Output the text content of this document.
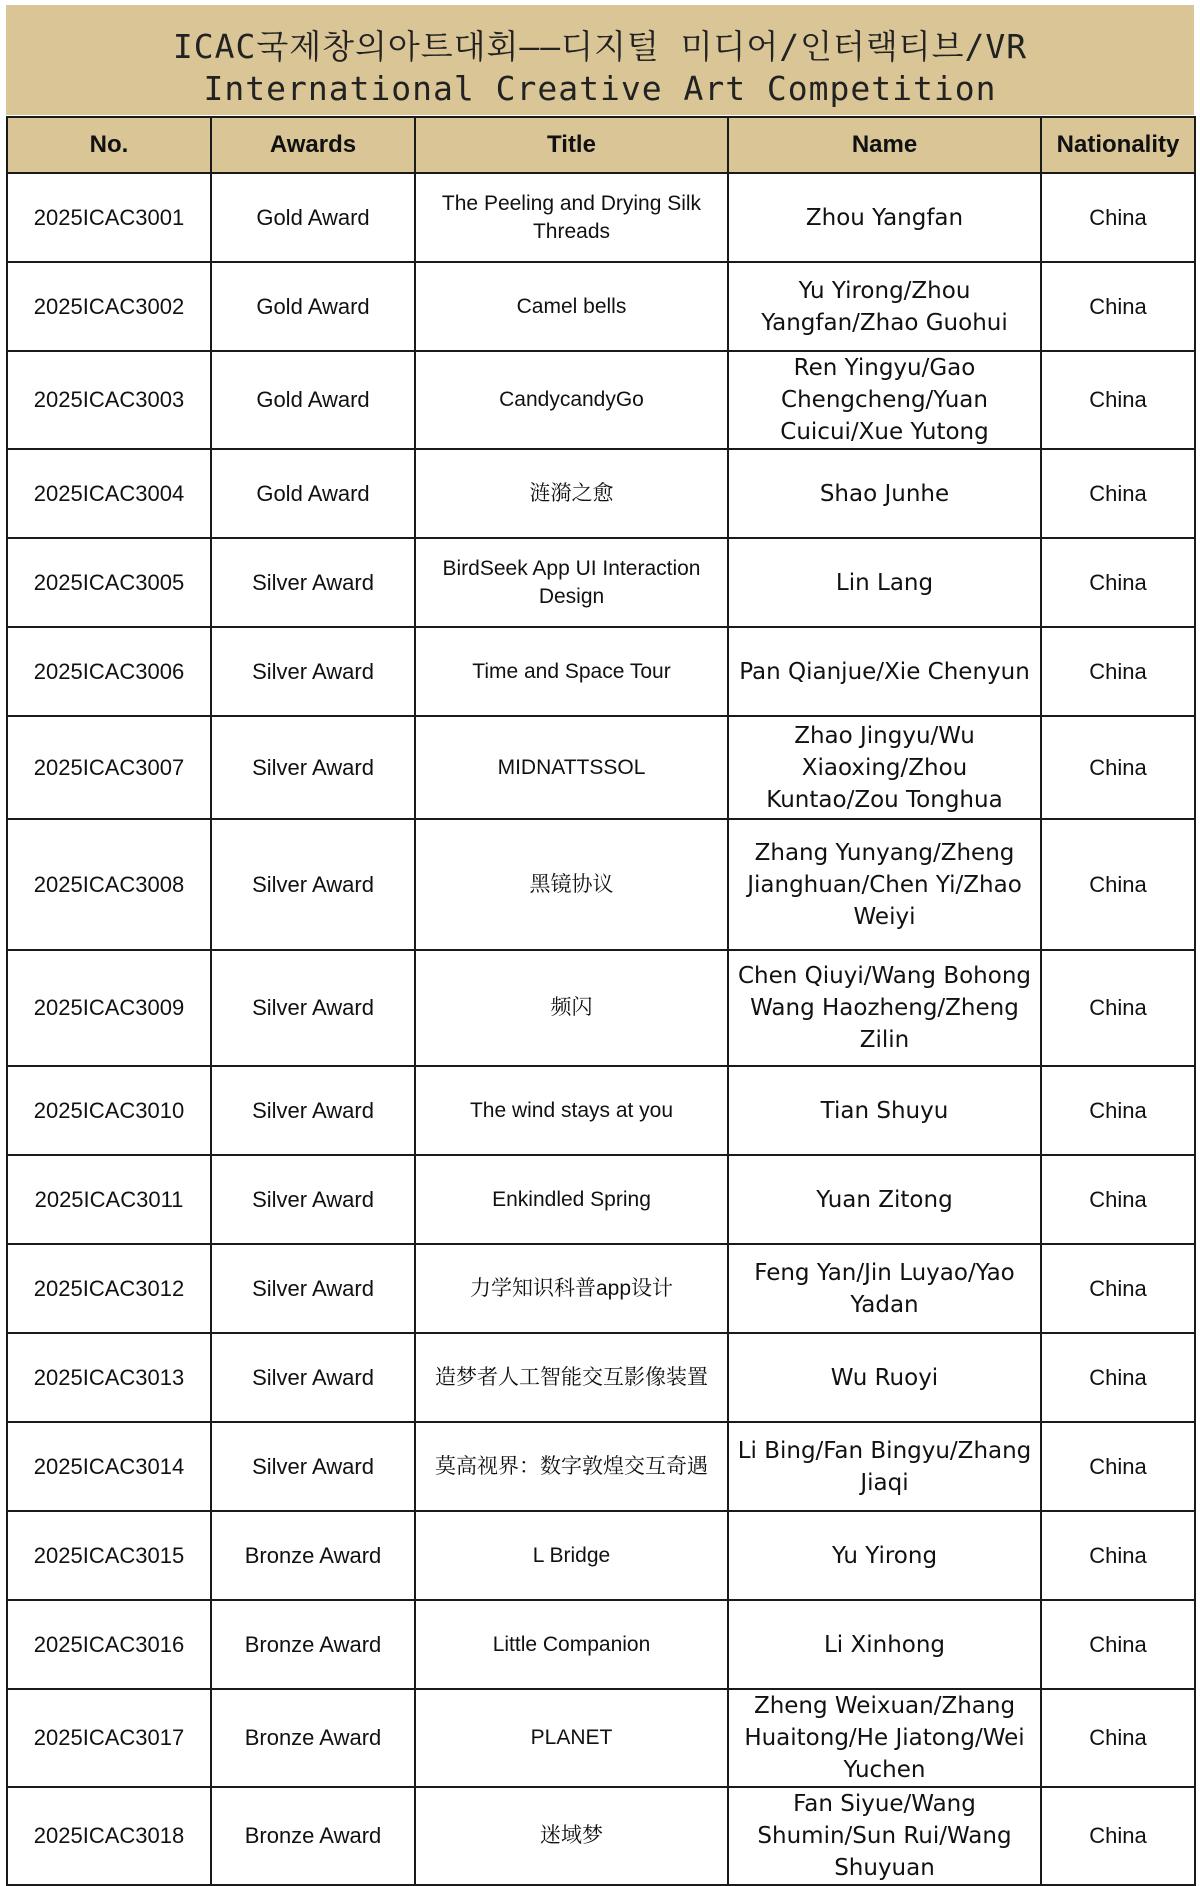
ICAC국제창의아트대회——디지털 미디어/인터랙티브/VR
International Creative Art Competition
No.	Awards	Title	Name	Nationality
2025ICAC3001	Gold Award	The Peeling and Drying Silk Threads	Zhou Yangfan	China
2025ICAC3002	Gold Award	Camel bells	Yu Yirong/Zhou Yangfan/Zhao Guohui	China
2025ICAC3003	Gold Award	CandycandyGo	Ren Yingyu/Gao Chengcheng/Yuan Cuicui/Xue Yutong	China
2025ICAC3004	Gold Award	涟漪之愈	Shao Junhe	China
2025ICAC3005	Silver Award	BirdSeek App UI Interaction Design	Lin Lang	China
2025ICAC3006	Silver Award	Time and Space Tour	Pan Qianjue/Xie Chenyun	China
2025ICAC3007	Silver Award	MIDNATTSSOL	Zhao Jingyu/Wu Xiaoxing/Zhou Kuntao/Zou Tonghua	China
2025ICAC3008	Silver Award	黑镜协议	Zhang Yunyang/Zheng Jianghuan/Chen Yi/Zhao Weiyi	China
2025ICAC3009	Silver Award	频闪	Chen Qiuyi/Wang Bohong Wang Haozheng/Zheng Zilin	China
2025ICAC3010	Silver Award	The wind stays at you	Tian Shuyu	China
2025ICAC3011	Silver Award	Enkindled Spring	Yuan Zitong	China
2025ICAC3012	Silver Award	力学知识科普app设计	Feng Yan/Jin Luyao/Yao Yadan	China
2025ICAC3013	Silver Award	造梦者人工智能交互影像装置	Wu Ruoyi	China
2025ICAC3014	Silver Award	莫高视界：数字敦煌交互奇遇	Li Bing/Fan Bingyu/Zhang Jiaqi	China
2025ICAC3015	Bronze Award	L Bridge	Yu Yirong	China
2025ICAC3016	Bronze Award	Little Companion	Li Xinhong	China
2025ICAC3017	Bronze Award	PLANET	Zheng Weixuan/Zhang Huaitong/He Jiatong/Wei Yuchen	China
2025ICAC3018	Bronze Award	迷域梦	Fan Siyue/Wang Shumin/Sun Rui/Wang Shuyuan	China
